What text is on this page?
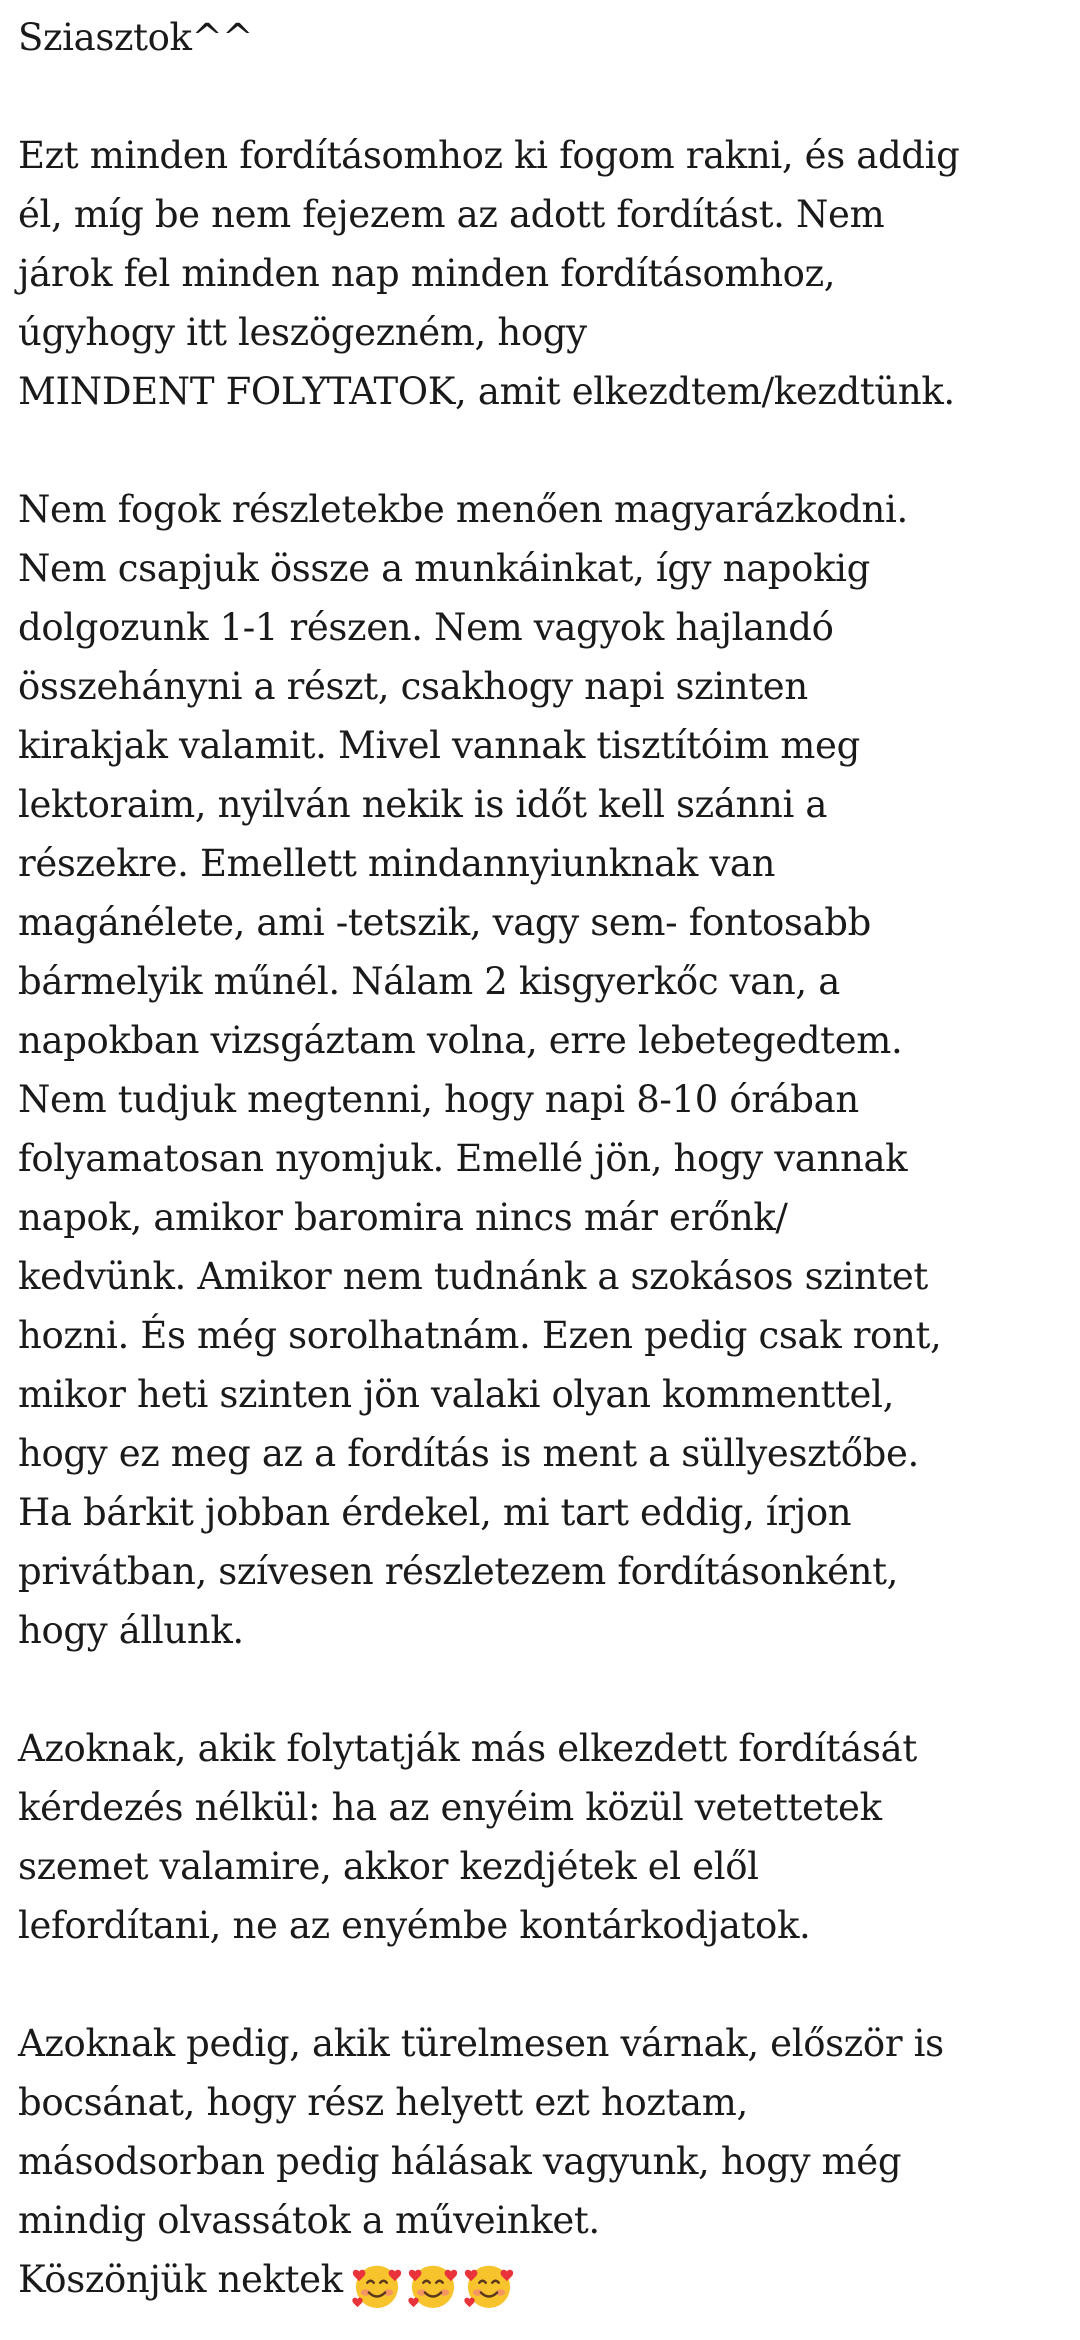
Sziasztok^^
Ezt minden fordításomhoz ki fogom rakni, és addig
él, míg be nem fejezem az adott fordítást. Nem
járok fel minden nap minden fordításomhoz,
úgyhogy itt leszögezném, hogy
MINDENT FOLYTATOK, amit elkezdtem/kezdtünk.
Nem fogok részletekbe menően magyarázkodni.
Nem csapjuk össze a munkáinkat, így napokig
dolgozunk 1-1 részen. Nem vagyok hajlandó
összehányni a részt, csakhogy napi szinten
kirakjak valamit. Mivel vannak tisztítóim meg
lektoraim, nyilván nekik is időt kell szánni a
részekre. Emellett mindannyiunknak van
magánélete, ami -tetszik, vagy sem- fontosabb
bármelyik műnél. Nálam 2 kisgyerkőc van, a
napokban vizsgáztam volna, erre lebetegedtem.
Nem tudjuk megtenni, hogy napi 8-10 órában
folyamatosan nyomjuk. Emellé jön, hogy vannak
napok, amikor baromira nincs már erőnk/
kedvünk. Amikor nem tudnánk a szokásos szintet
hozni. És még sorolhatnám. Ezen pedig csak ront,
mikor heti szinten jön valaki olyan kommenttel,
hogy ez meg az a fordítás is ment a süllyesztőbe.
Ha bárkit jobban érdekel, mi tart eddig, írjon
privátban, szívesen részletezem fordításonként,
hogy állunk.
Azoknak, akik folytatják más elkezdett fordítását
kérdezés nélkül: ha az enyéim közül vetettetek
szemet valamire, akkor kezdjétek el elől
lefordítani, ne az enyémbe kontárkodjatok.
Azoknak pedig, akik türelmesen várnak, először is
bocsánat, hogy rész helyett ezt hoztam,
másodsorban pedig hálásak vagyunk, hogy még
mindig olvassátok a műveinket.
Köszönjük nektek
